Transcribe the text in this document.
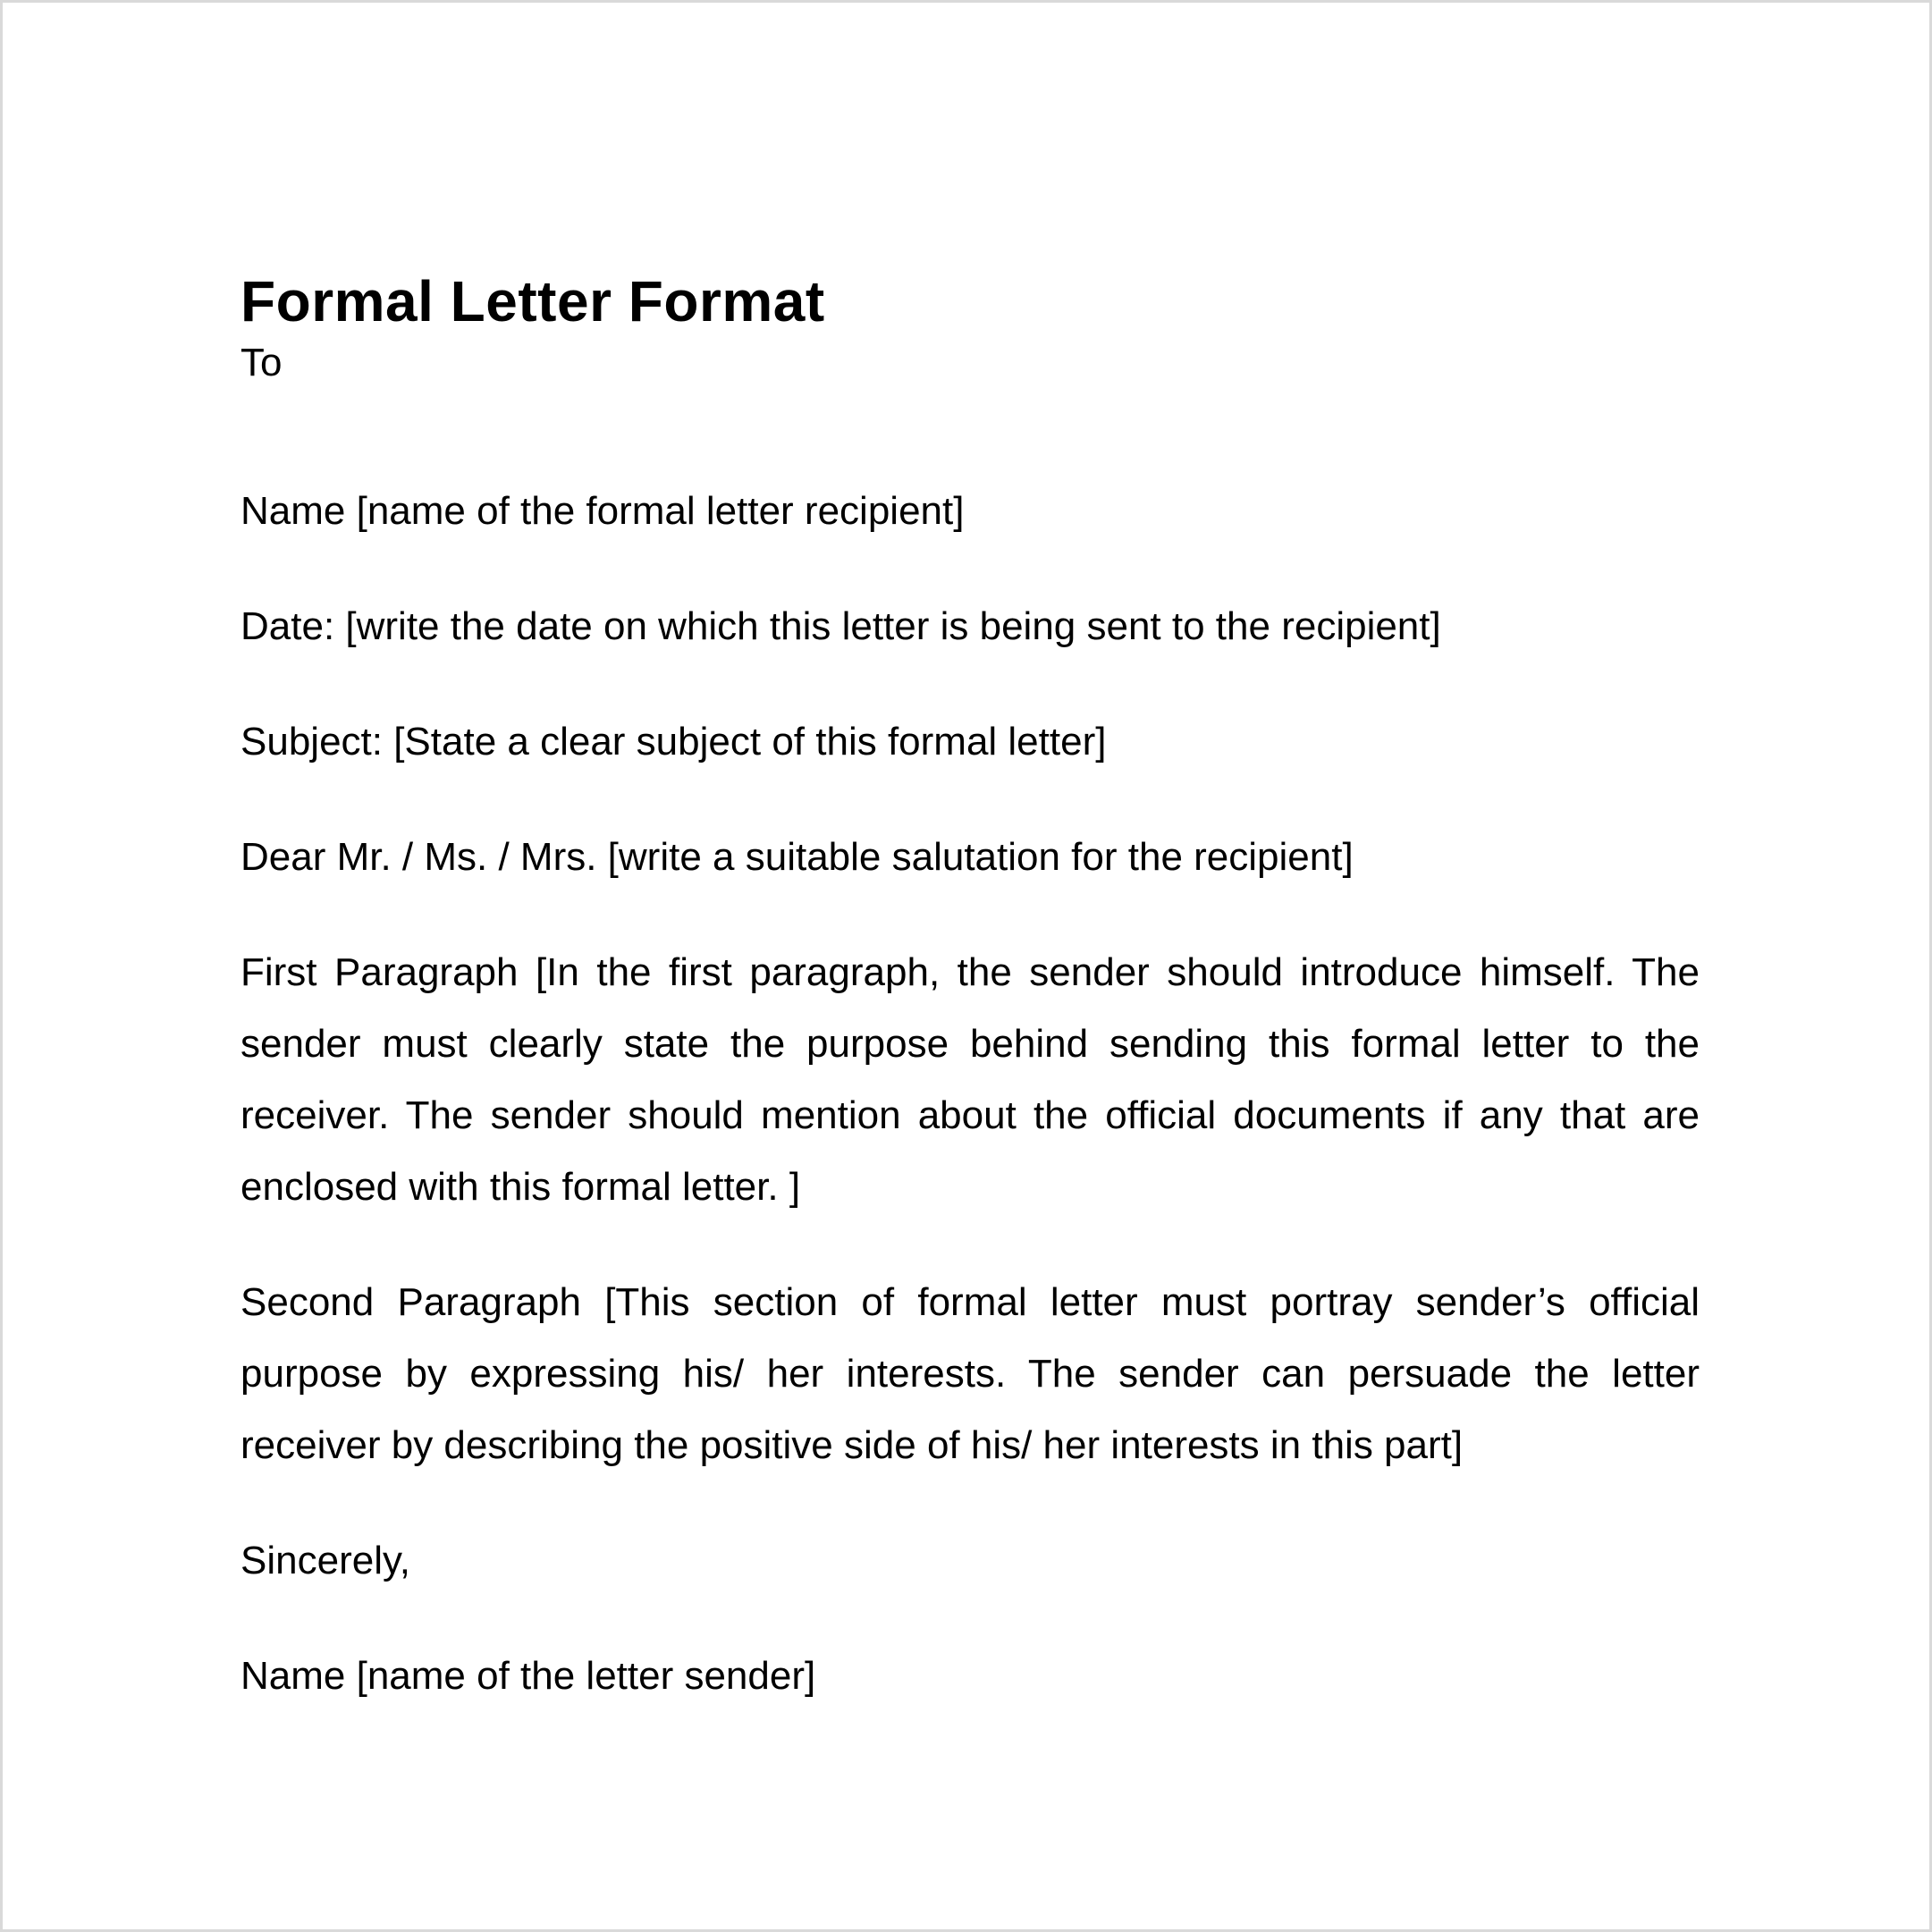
Formal Letter Format

To

Name [name of the formal letter recipient]

Date: [write the date on which this letter is being sent to the recipient]

Subject: [State a clear subject of this formal letter]

Dear Mr. / Ms. / Mrs. [write a suitable salutation for the recipient]

First Paragraph [In the first paragraph, the sender should introduce himself. The sender must clearly state the purpose behind sending this formal letter to the receiver. The sender should mention about the official documents if any that are enclosed with this formal letter. ]

Second Paragraph [This section of formal letter must portray sender’s official purpose by expressing his/ her interests. The sender can persuade the letter receiver by describing the positive side of his/ her interests in this part]

Sincerely,

Name [name of the letter sender]
